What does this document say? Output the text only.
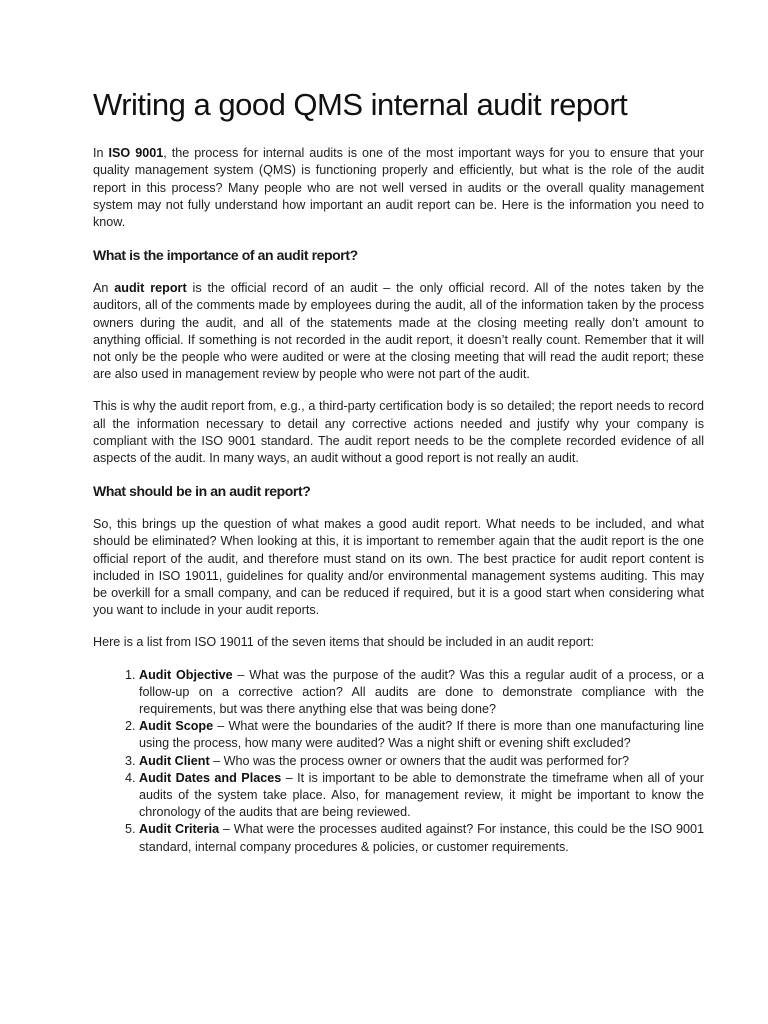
Writing a good QMS internal audit report

In ISO 9001, the process for internal audits is one of the most important ways for you to ensure that your quality management system (QMS) is functioning properly and efficiently, but what is the role of the audit report in this process? Many people who are not well versed in audits or the overall quality management system may not fully understand how important an audit report can be. Here is the information you need to know.

What is the importance of an audit report?

An audit report is the official record of an audit – the only official record. All of the notes taken by the auditors, all of the comments made by employees during the audit, all of the information taken by the process owners during the audit, and all of the statements made at the closing meeting really don’t amount to anything official. If something is not recorded in the audit report, it doesn’t really count. Remember that it will not only be the people who were audited or were at the closing meeting that will read the audit report; these are also used in management review by people who were not part of the audit.

This is why the audit report from, e.g., a third-party certification body is so detailed; the report needs to record all the information necessary to detail any corrective actions needed and justify why your company is compliant with the ISO 9001 standard. The audit report needs to be the complete recorded evidence of all aspects of the audit. In many ways, an audit without a good report is not really an audit.

What should be in an audit report?

So, this brings up the question of what makes a good audit report. What needs to be included, and what should be eliminated? When looking at this, it is important to remember again that the audit report is the one official report of the audit, and therefore must stand on its own. The best practice for audit report content is included in ISO 19011, guidelines for quality and/or environmental management systems auditing. This may be overkill for a small company, and can be reduced if required, but it is a good start when considering what you want to include in your audit reports.

Here is a list from ISO 19011 of the seven items that should be included in an audit report:

1. Audit Objective – What was the purpose of the audit? Was this a regular audit of a process, or a follow-up on a corrective action? All audits are done to demonstrate compliance with the requirements, but was there anything else that was being done?
2. Audit Scope – What were the boundaries of the audit? If there is more than one manufacturing line using the process, how many were audited? Was a night shift or evening shift excluded?
3. Audit Client – Who was the process owner or owners that the audit was performed for?
4. Audit Dates and Places – It is important to be able to demonstrate the timeframe when all of your audits of the system take place. Also, for management review, it might be important to know the chronology of the audits that are being reviewed.
5. Audit Criteria – What were the processes audited against? For instance, this could be the ISO 9001 standard, internal company procedures & policies, or customer requirements.
